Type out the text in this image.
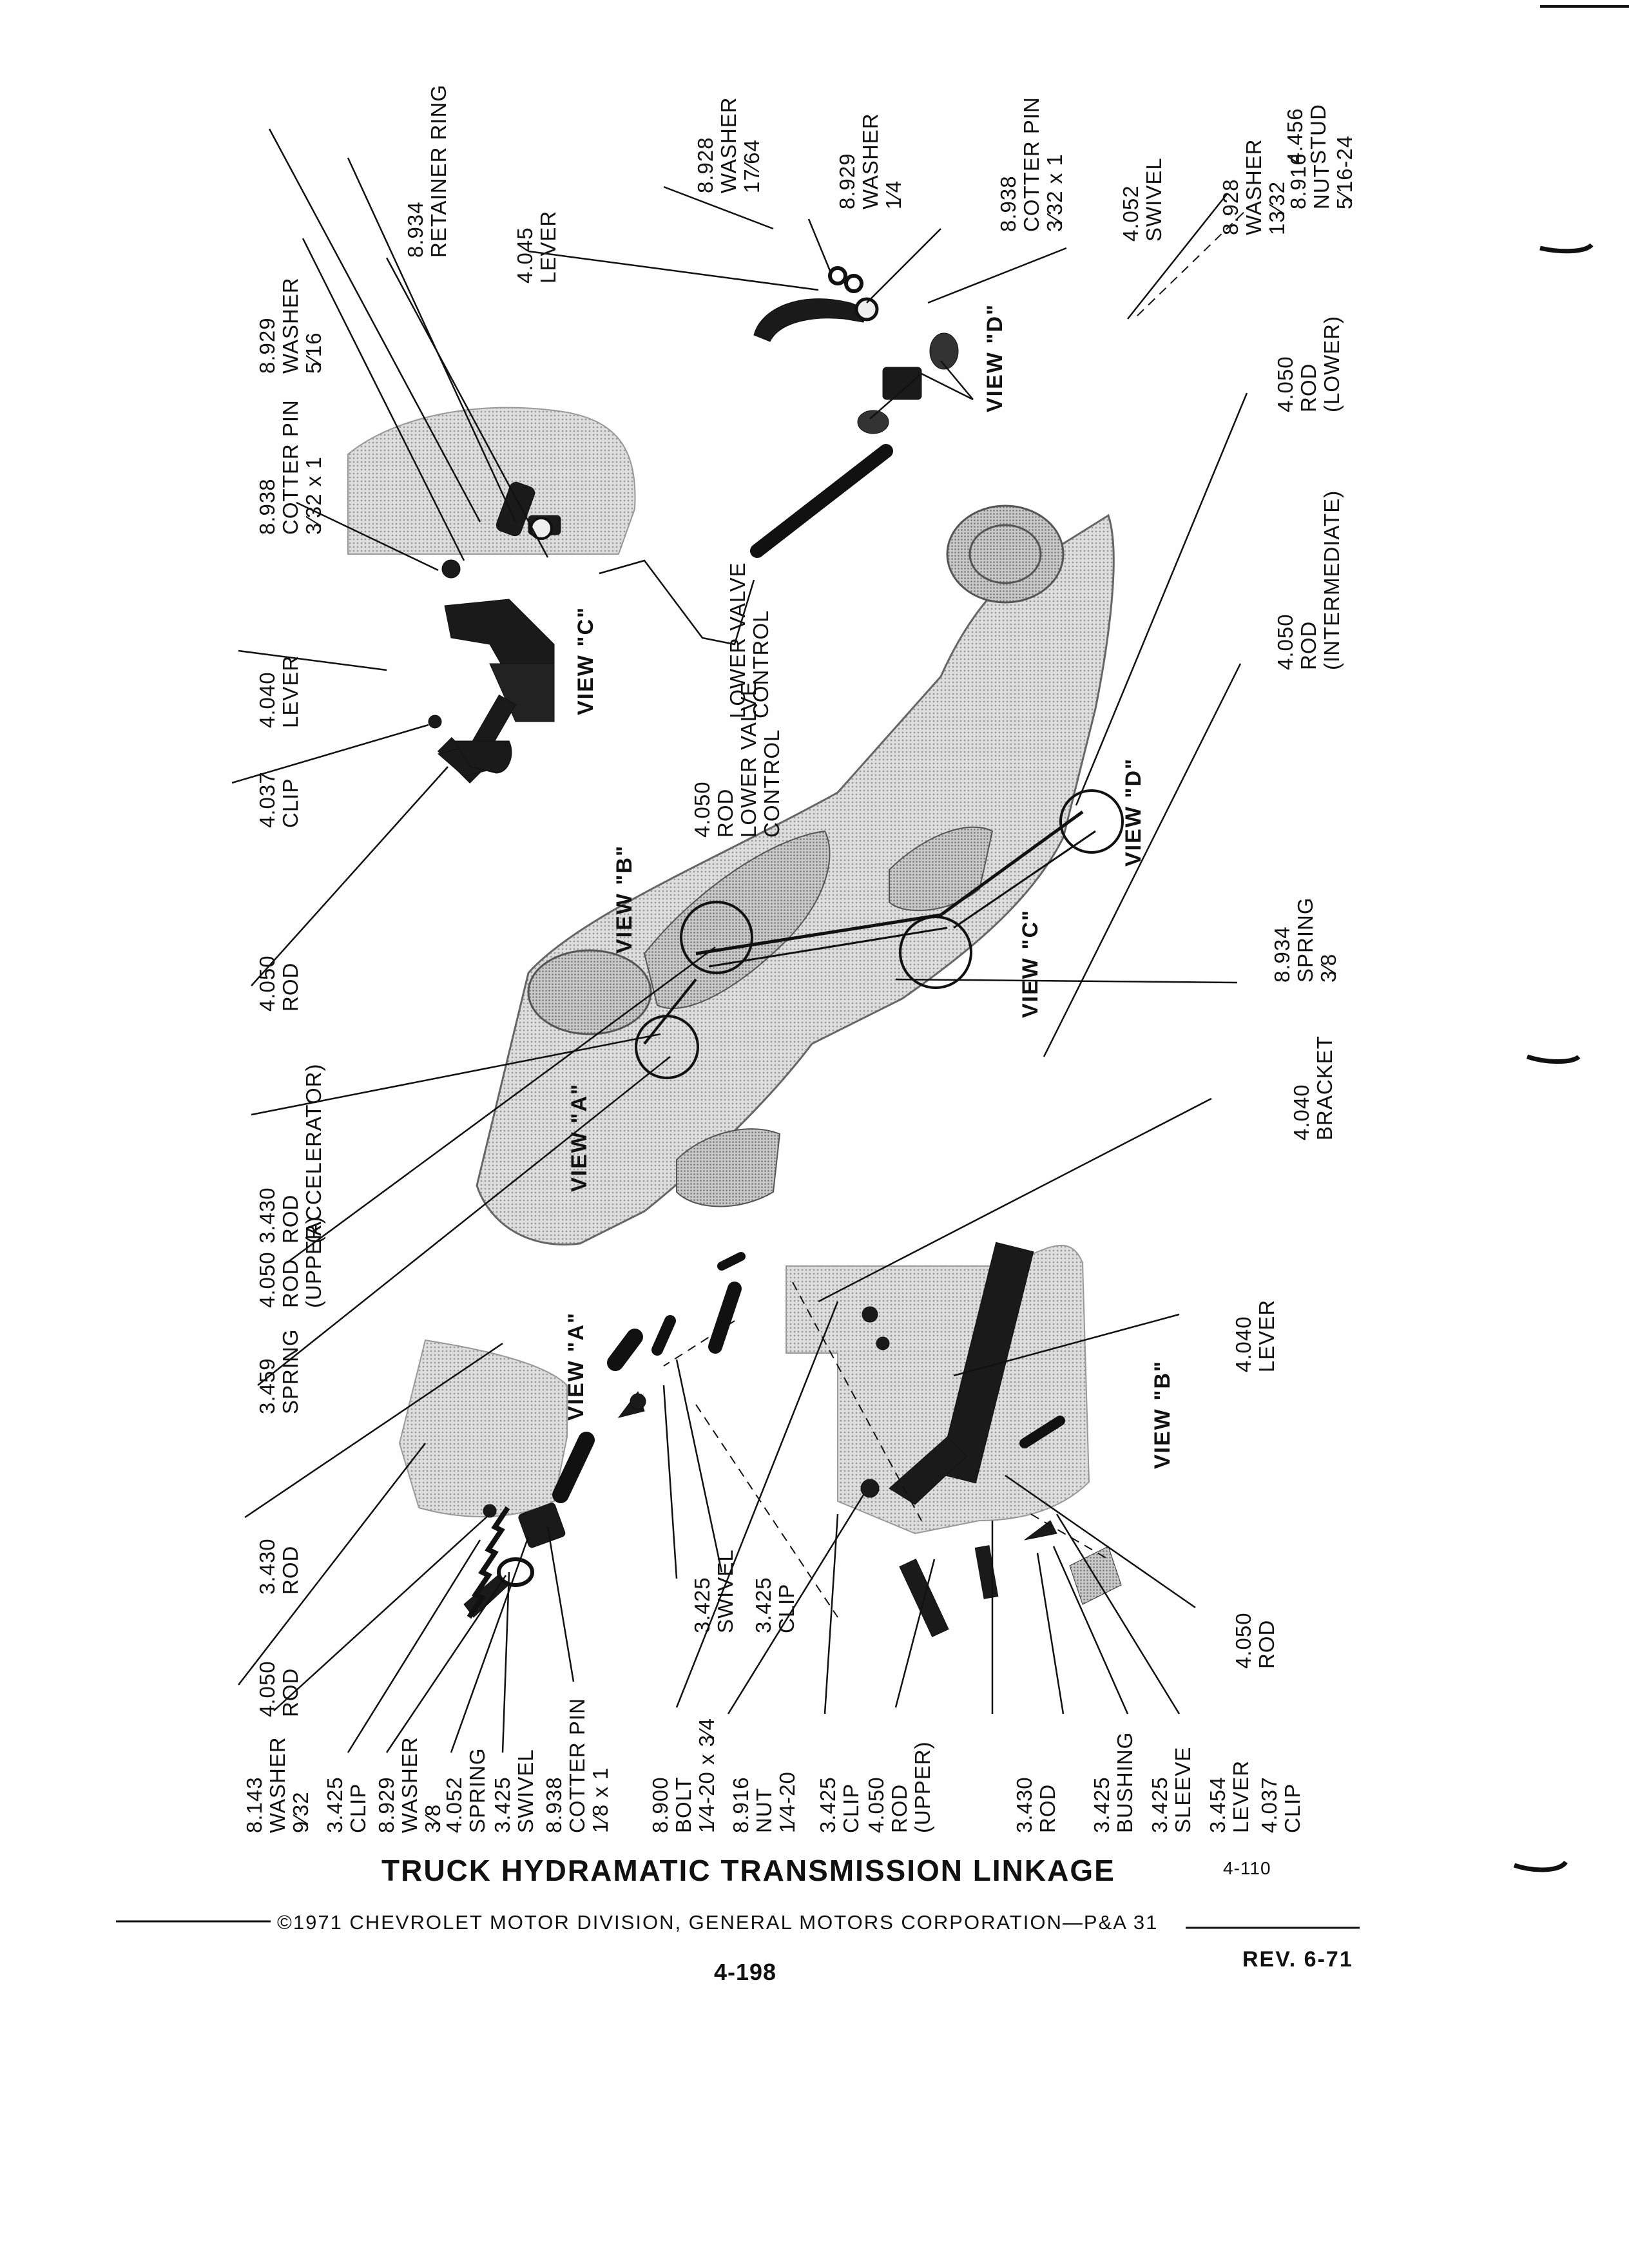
4.456 STUD

8.928 WASHER 13⁄32

8.934 RETAINER RING

8.929 WASHER 5⁄16

4.045 LEVER

8.938 COTTER PIN 3⁄32 x 1

4.040 LEVER

4.037 CLIP

8.928 WASHER 17⁄64

	8.929 WASHER 1⁄4

	8.938 COTTER PIN 3⁄32 x 1

4.052 SWIVEL

	8.916 NUT 5⁄16-24

4.050 ROD (LOWER)

4.050 ROD (INTERMEDIATE)

4.050 ROD LOWER VALVE CONTROL

LOWER VALVE CONTROL

4.050 ROD

8.934 SPRING 3⁄8

4.040 BRACKET

3.430 ROD (ACCELERATOR)

4.050 ROD (UPPER)

3.459 SPRING

3.430 ROD

4.050 ROD

4.040 LEVER

4.050 ROD

3.425 SWIVEL

3.425 CLIP

8.143 WASHER 9⁄32

3.425 CLIP

8.929 WASHER 3⁄8

4.052 SPRING

3.425 SWIVEL

8.938 COTTER PIN 1⁄8 x 1

8.900 BOLT 1⁄4-20 x 3⁄4

8.916 NUT 1⁄4-20

3.425 CLIP

4.050 ROD (UPPER)

	3.430 ROD

3.425 BUSHING

3.425 SLEEVE

3.454 LEVER

4.037 CLIP
VIEW "C"
VIEW "D"
VIEW "B"
VIEW "D"
VIEW "C"
VIEW "A"
VIEW "A"	VIEW "B"
TRUCK HYDRAMATIC TRANSMISSION LINKAGE	4-110
©1971 CHEVROLET MOTOR DIVISION, GENERAL MOTORS CORPORATION—P&A 31
4-198	REV. 6-71
